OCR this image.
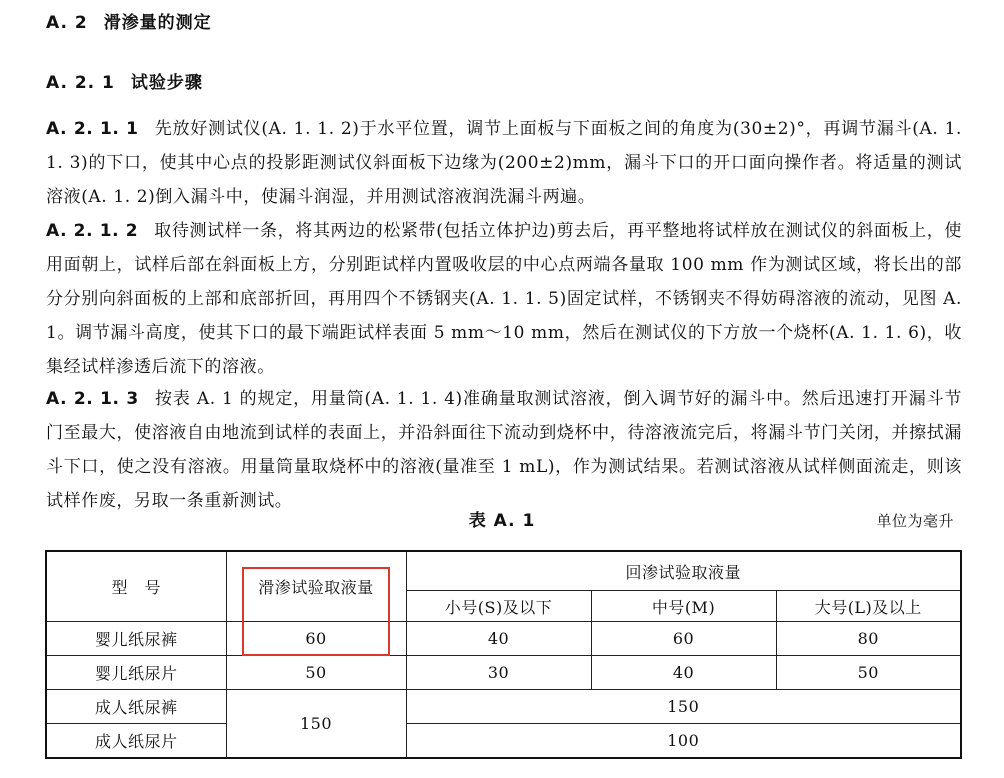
A. 2 滑渗量的测定
A. 2. 1 试验步骤
A. 2. 1. 1 先放好测试仪(A. 1. 1. 2)于水平位置，调节上面板与下面板之间的角度为(30±2)°，再调节漏斗(A. 1. 1. 3)的下口，使其中心点的投影距测试仪斜面板下边缘为(200±2)mm，漏斗下口的开口面向操作者。将适量的测试溶液(A. 1. 2)倒入漏斗中，使漏斗润湿，并用测试溶液润洗漏斗两遍。
A. 2. 1. 2 取待测试样一条，将其两边的松紧带(包括立体护边)剪去后，再平整地将试样放在测试仪的斜面板上，使用面朝上，试样后部在斜面板上方，分别距试样内置吸收层的中心点两端各量取 100 mm 作为测试区域，将长出的部分分别向斜面板的上部和底部折回，再用四个不锈钢夹(A. 1. 1. 5)固定试样，不锈钢夹不得妨碍溶液的流动，见图 A. 1。调节漏斗高度，使其下口的最下端距试样表面 5 mm～10 mm，然后在测试仪的下方放一个烧杯(A. 1. 1. 6)，收集经试样渗透后流下的溶液。
A. 2. 1. 3 按表 A. 1 的规定，用量筒(A. 1. 1. 4)准确量取测试溶液，倒入调节好的漏斗中。然后迅速打开漏斗节门至最大，使溶液自由地流到试样的表面上，并沿斜面往下流动到烧杯中，待溶液流完后，将漏斗节门关闭，并擦拭漏斗下口，使之没有溶液。用量筒量取烧杯中的溶液(量准至 1 mL)，作为测试结果。若测试溶液从试样侧面流走，则该试样作废，另取一条重新测试。
表 A. 1	单位为毫升
型　号	滑渗试验取液量	回渗试验取液量		
		小号(S)及以下	中号(M)	大号(L)及以上
婴儿纸尿裤	60	40	60	80
婴儿纸尿片	50	30	40	50
成人纸尿裤	150	150		
成人纸尿片		100		
